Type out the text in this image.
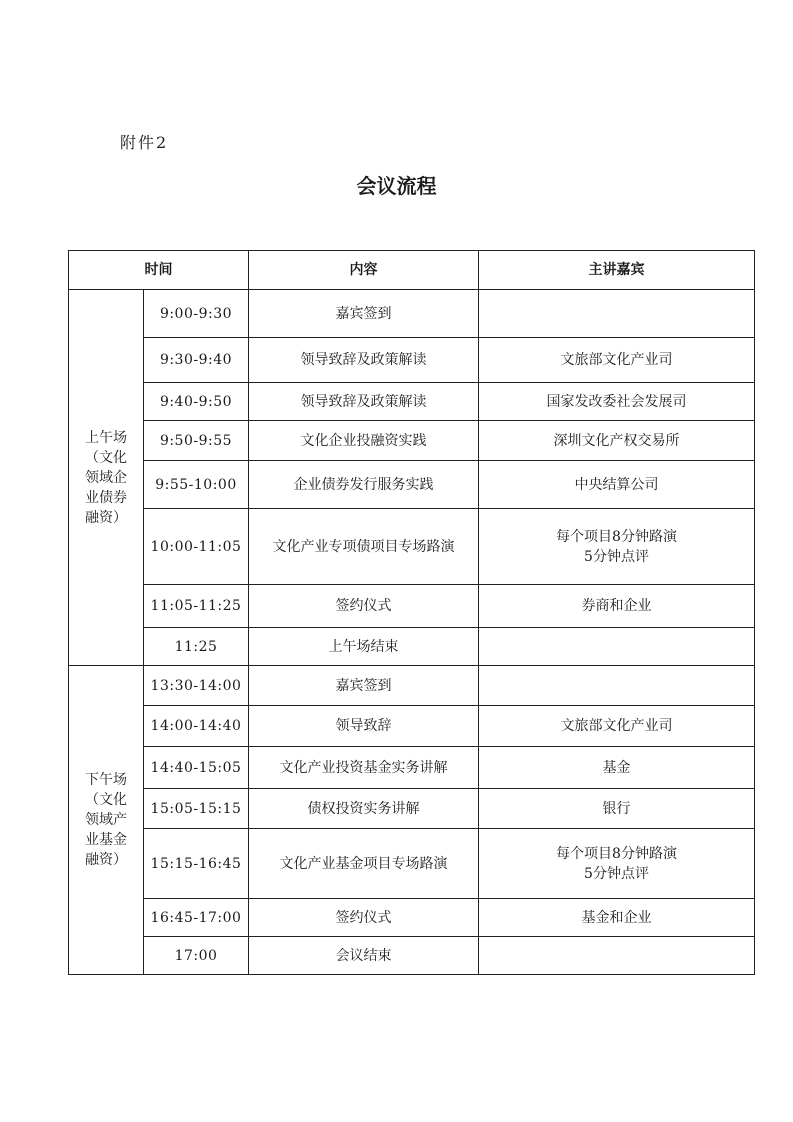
附件2
会议流程
时间		内容	主讲嘉宾

上午场
（文化
领域企
业债券
融资）	9:00-9:30	嘉宾签到	
	9:30-9:40	领导致辞及政策解读	文旅部文化产业司
	9:40-9:50	领导致辞及政策解读	国家发改委社会发展司
	9:50-9:55	文化企业投融资实践	深圳文化产权交易所
	9:55-10:00	企业债券发行服务实践	中央结算公司
	10:00-11:05	文化产业专项债项目专场路演	每个项目8分钟路演
5分钟点评

	11:05-11:25	签约仪式	券商和企业
	11:25	上午场结束	

下午场
（文化
领域产
业基金
融资）	13:30-14:00	嘉宾签到	
	14:00-14:40	领导致辞	文旅部文化产业司
	14:40-15:05	文化产业投资基金实务讲解	基金
	15:05-15:15	债权投资实务讲解	银行
	15:15-16:45	文化产业基金项目专场路演	每个项目8分钟路演
5分钟点评

	16:45-17:00	签约仪式	基金和企业
	17:00	会议结束	
